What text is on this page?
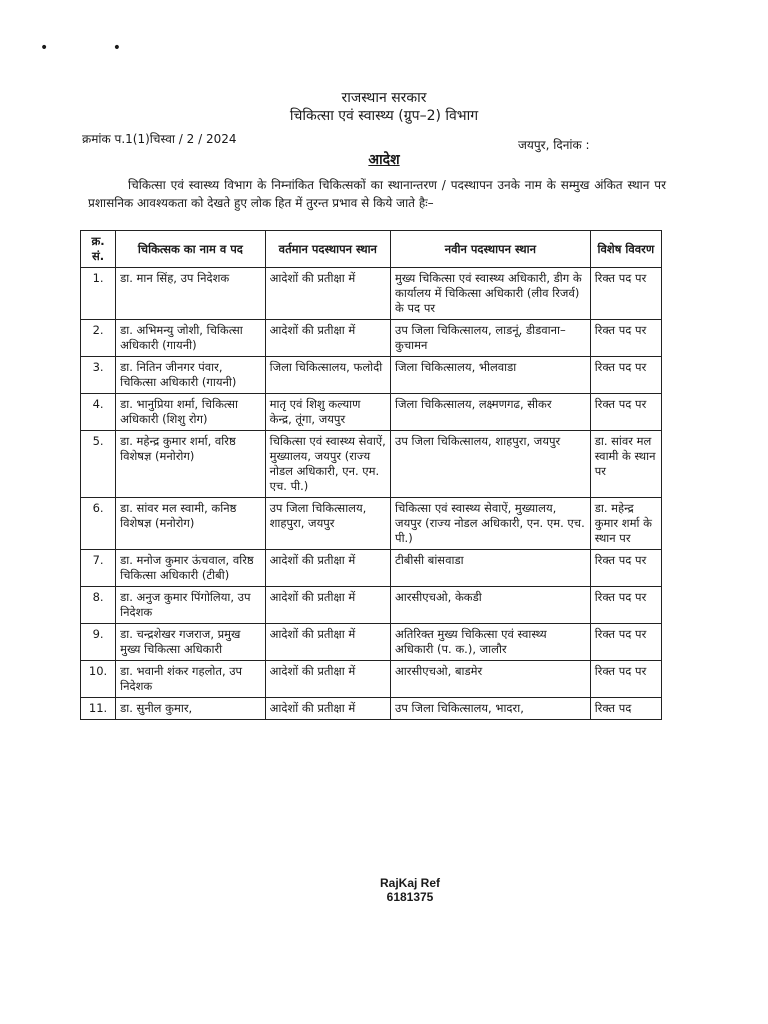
• •
राजस्थान सरकार
चिकित्सा एवं स्वास्थ्य (ग्रुप–2) विभाग
क्रमांक प.1(1)चिस्वा / 2 / 2024	जयपुर, दिनांक :
आदेश
चिकित्सा एवं स्वास्थ्य विभाग के निम्नांकित चिकित्सकों का स्थानान्तरण / पदस्थापन उनके नाम के सम्मुख अंकित स्थान पर प्रशासनिक आवश्यकता को देखते हुए लोक हित में तुरन्त प्रभाव से किये जाते हैः–
क्र. सं.	चिकित्सक का नाम व पद	वर्तमान पदस्थापन स्थान	नवीन पदस्थापन स्थान	विशेष विवरण
1.	डा. मान सिंह, उप निदेशक	आदेशों की प्रतीक्षा में	मुख्य चिकित्सा एवं स्वास्थ्य अधिकारी, डीग के कार्यालय में चिकित्सा अधिकारी (लीव रिजर्व) के पद पर	रिक्त पद पर
2.	डा. अभिमन्यु जोशी, चिकित्सा अधिकारी (गायनी)	आदेशों की प्रतीक्षा में	उप जिला चिकित्सालय, लाडनूं, डीडवाना–कुचामन	रिक्त पद पर
3.	डा. नितिन जीनगर पंवार, चिकित्सा अधिकारी (गायनी)	जिला चिकित्सालय, फलोदी	जिला चिकित्सालय, भीलवाडा	रिक्त पद पर
4.	डा. भानुप्रिया शर्मा, चिकित्सा अधिकारी (शिशु रोग)	मातृ एवं शिशु कल्याण केन्द्र, तूंगा, जयपुर	जिला चिकित्सालय, लक्ष्मणगढ, सीकर	रिक्त पद पर
5.	डा. महेन्द्र कुमार शर्मा, वरिष्ठ विशेषज्ञ (मनोरोग)	चिकित्सा एवं स्वास्थ्य सेवाऐं, मुख्यालय, जयपुर (राज्य नोडल अधिकारी, एन. एम. एच. पी.)	उप जिला चिकित्सालय, शाहपुरा, जयपुर	डा. सांवर मल स्वामी के स्थान पर
6.	डा. सांवर मल स्वामी, कनिष्ठ विशेषज्ञ (मनोरोग)	उप जिला चिकित्सालय, शाहपुरा, जयपुर	चिकित्सा एवं स्वास्थ्य सेवाऐं, मुख्यालय, जयपुर (राज्य नोडल अधिकारी, एन. एम. एच. पी.)	डा. महेन्द्र कुमार शर्मा के स्थान पर
7.	डा. मनोज कुमार ऊंचवाल, वरिष्ठ चिकित्सा अधिकारी (टीबी)	आदेशों की प्रतीक्षा में	टीबीसी बांसवाडा	रिक्त पद पर
8.	डा. अनुज कुमार पिंगोलिया, उप निदेशक	आदेशों की प्रतीक्षा में	आरसीएचओ, केकडी	रिक्त पद पर
9.	डा. चन्द्रशेखर गजराज, प्रमुख मुख्य चिकित्सा अधिकारी	आदेशों की प्रतीक्षा में	अतिरिक्त मुख्य चिकित्सा एवं स्वास्थ्य अधिकारी (प. क.), जालौर	रिक्त पद पर
10.	डा. भवानी शंकर गहलोत, उप निदेशक	आदेशों की प्रतीक्षा में	आरसीएचओ, बाडमेर	रिक्त पद पर
11.	डा. सुनील कुमार,	आदेशों की प्रतीक्षा में	उप जिला चिकित्सालय, भादरा,	रिक्त पद
RajKaj Ref
6181375
